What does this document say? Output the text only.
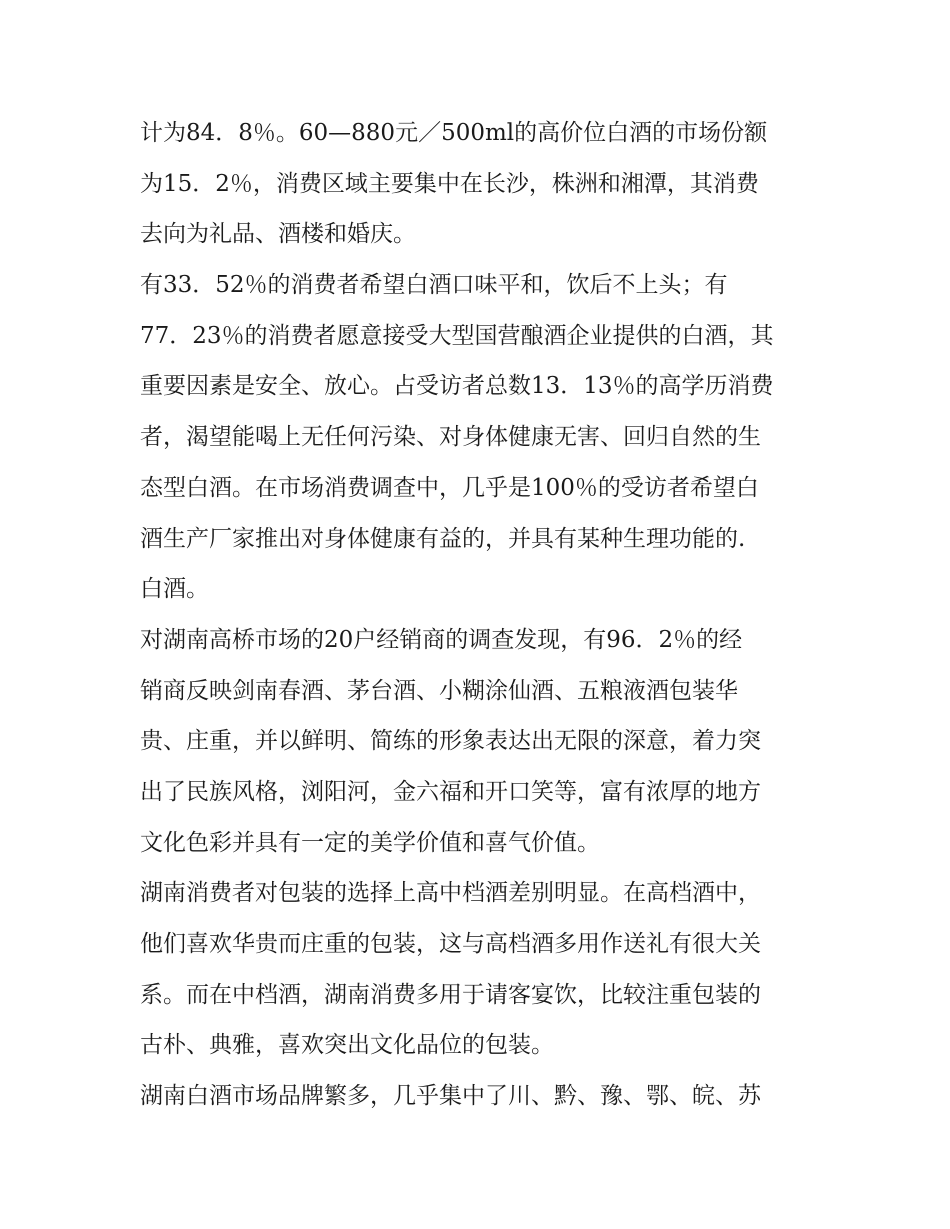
计为84．8％。60—880元／500ml的高价位白酒的市场份额
为15．2％，消费区域主要集中在长沙，株洲和湘潭，其消费
去向为礼品、酒楼和婚庆。
有33．52％的消费者希望白酒口味平和，饮后不上头；有
77．23％的消费者愿意接受大型国营酿酒企业提供的白酒，其
重要因素是安全、放心。占受访者总数13．13％的高学历消费
者，渴望能喝上无任何污染、对身体健康无害、回归自然的生
态型白酒。在市场消费调查中，几乎是100％的受访者希望白
酒生产厂家推出对身体健康有益的，并具有某种生理功能的.
白酒。
对湖南高桥市场的20户经销商的调查发现，有96．2％的经
销商反映剑南春酒、茅台酒、小糊涂仙酒、五粮液酒包装华
贵、庄重，并以鲜明、简练的形象表达出无限的深意，着力突
出了民族风格，浏阳河，金六福和开口笑等，富有浓厚的地方
文化色彩并具有一定的美学价值和喜气价值。
湖南消费者对包装的选择上高中档酒差别明显。在高档酒中，
他们喜欢华贵而庄重的包装，这与高档酒多用作送礼有很大关
系。而在中档酒，湖南消费多用于请客宴饮，比较注重包装的
古朴、典雅，喜欢突出文化品位的包装。
湖南白酒市场品牌繁多，几乎集中了川、黔、豫、鄂、皖、苏
